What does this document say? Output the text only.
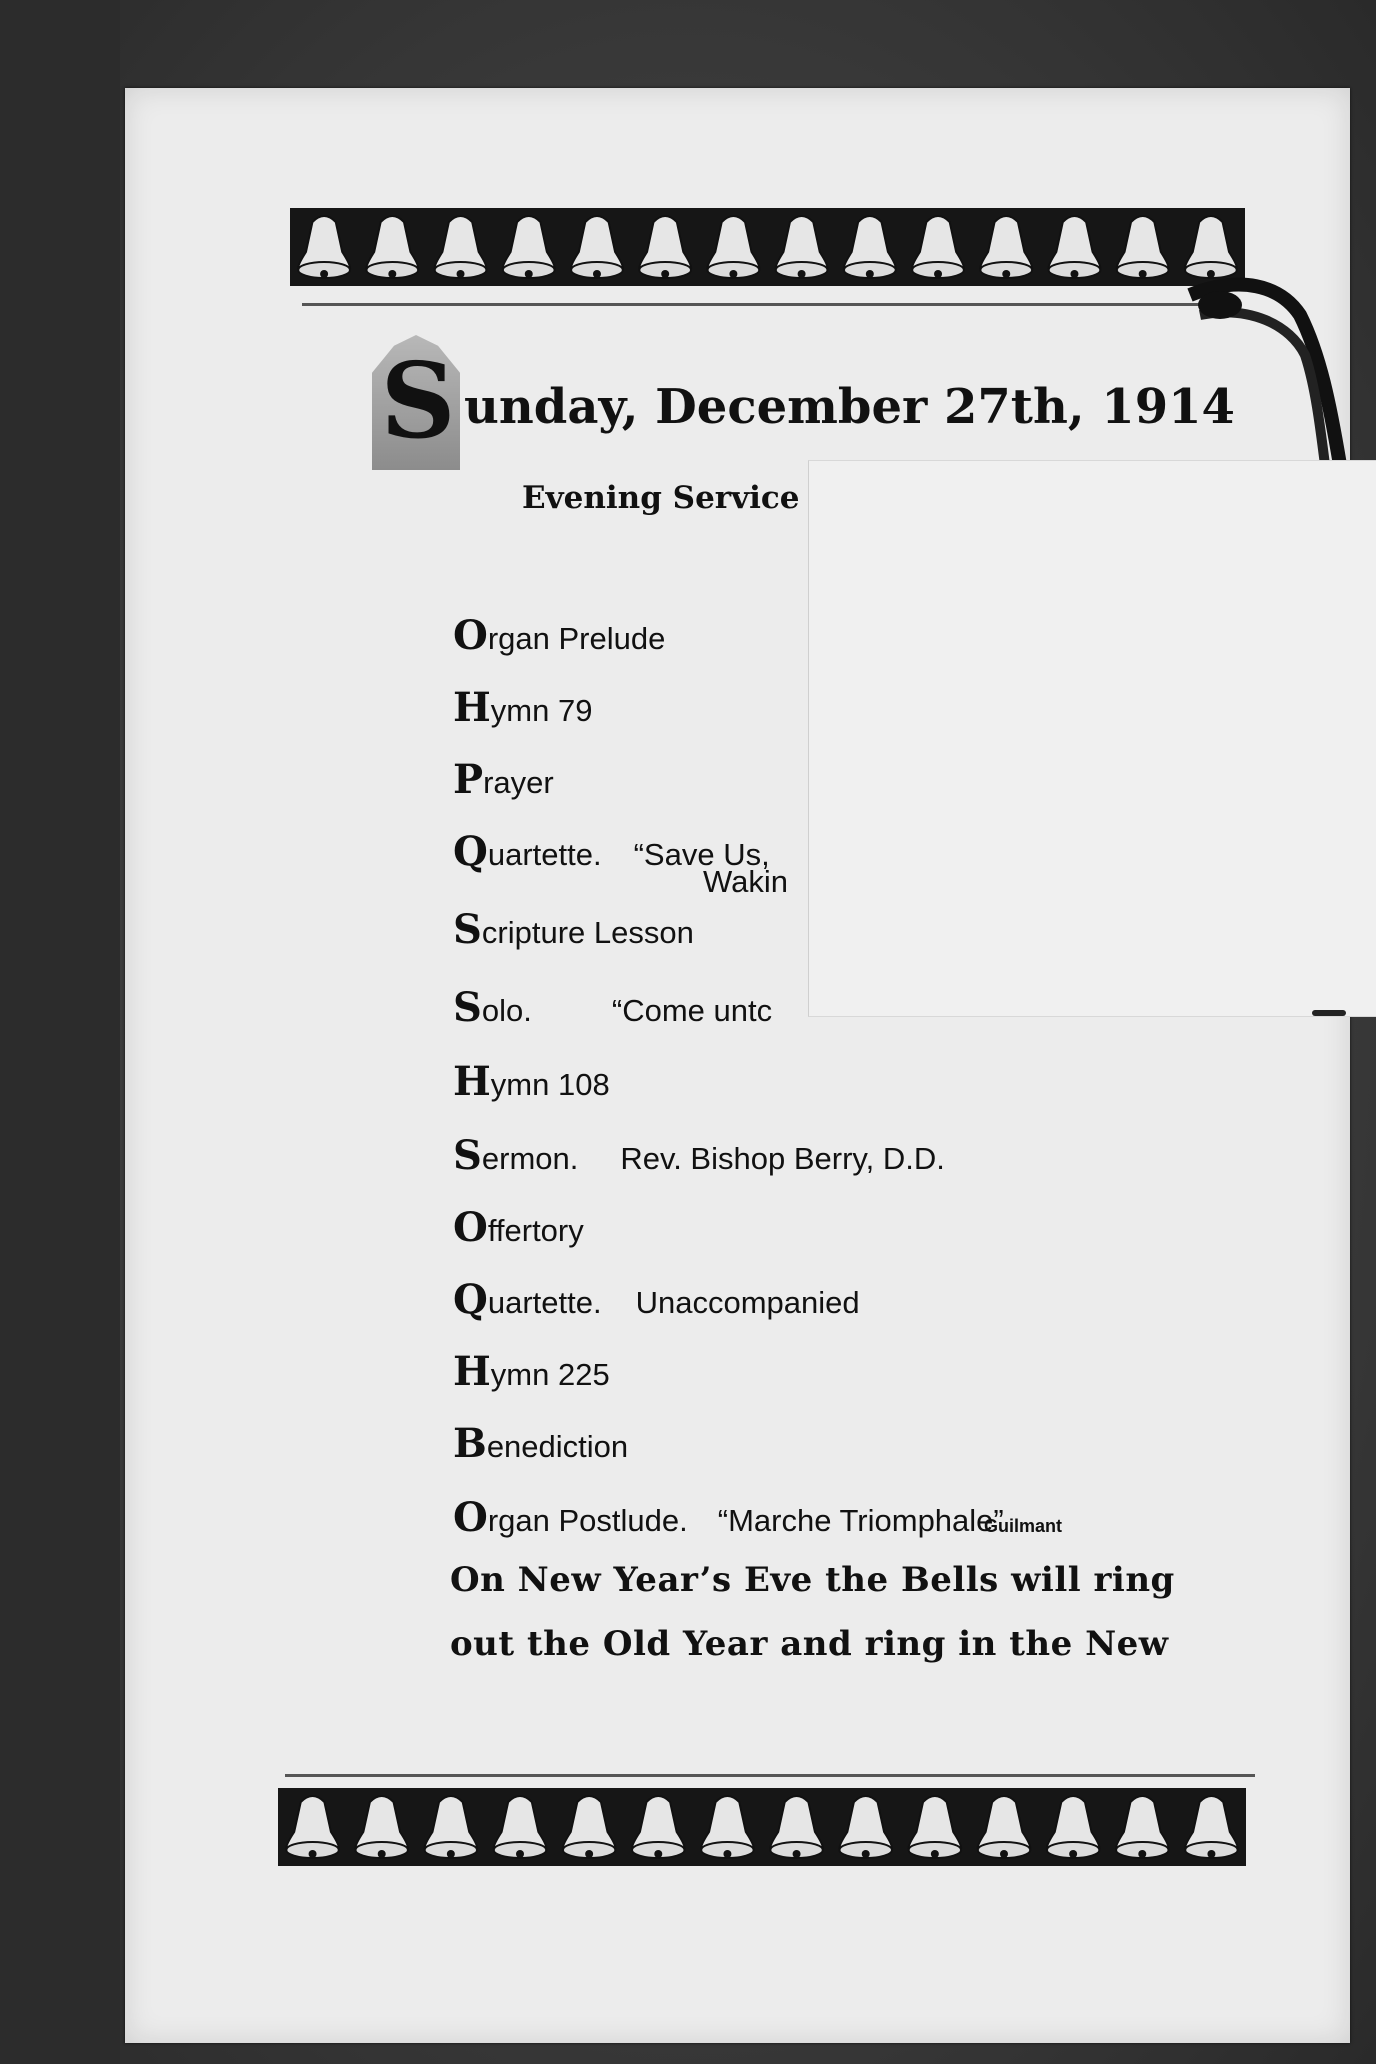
S unday, December 27th, 1914
Evening Service
Organ Prelude
Hymn 79
Prayer
Quartette. “Save Us,
Wakin
Scripture Lesson
Solo.	“Come untc
Hymn 108
Sermon. Rev. Bishop Berry, D.D.
Offertory
Quartette. Unaccompanied
Hymn 225
Benediction
Organ Postlude. “Marche Triomphale”
Guilmant
On New Year’s Eve the Bells will ring
out the Old Year and ring in the New
